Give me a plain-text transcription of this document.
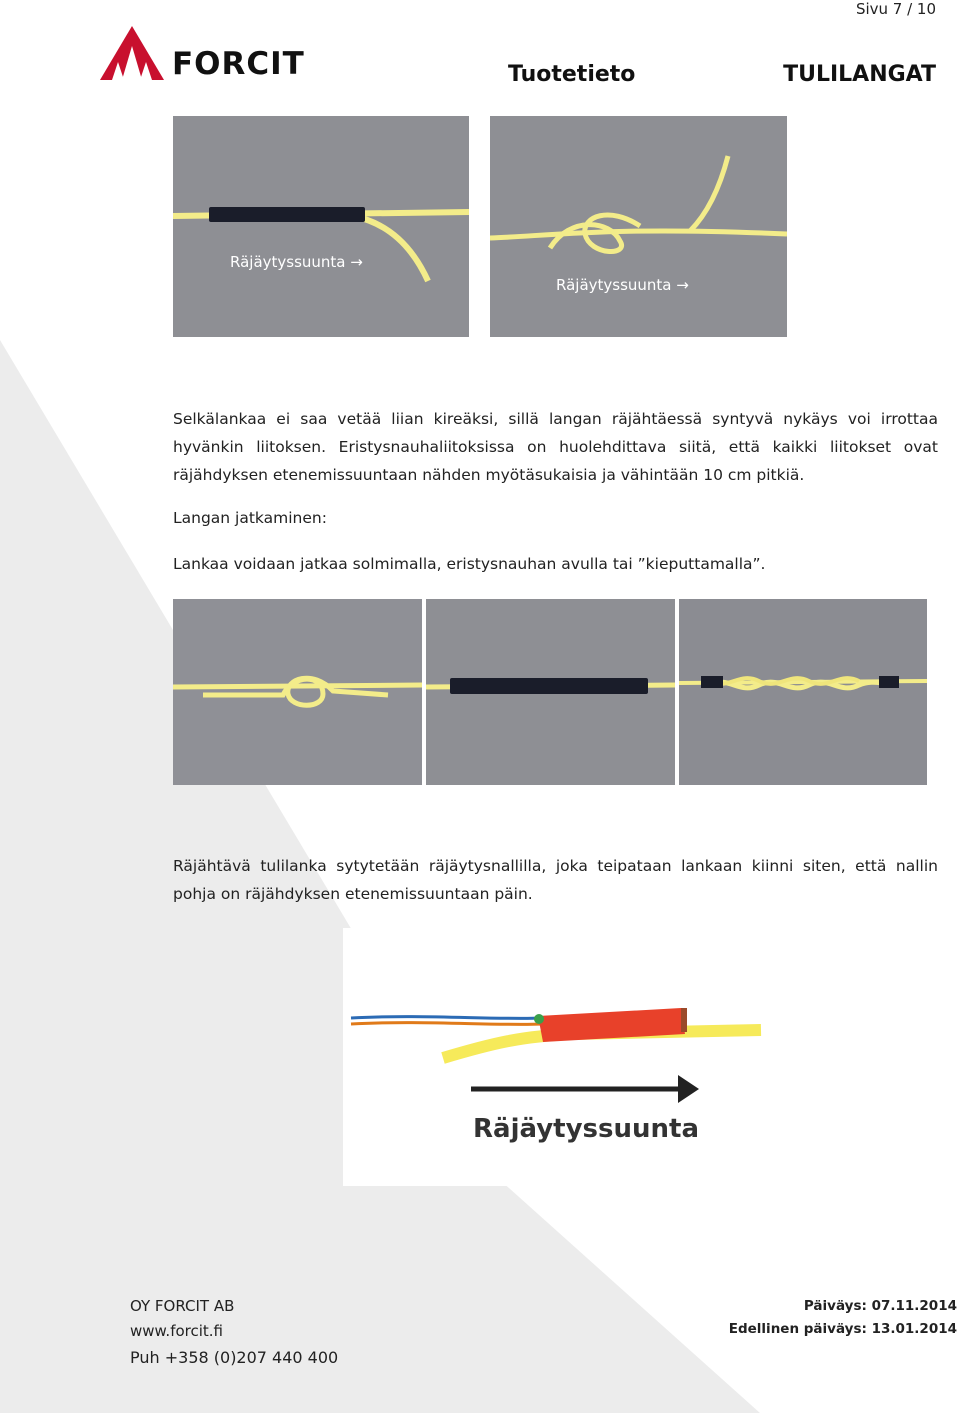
Sivu 7 / 10
FORCIT	Tuotetieto	TULILANGAT
Räjäytyssuunta →
Räjäytyssuunta →
Selkälankaa ei saa vetää liian kireäksi, sillä langan räjähtäessä syntyvä nykäys voi irrottaa hyvänkin liitoksen. Eristysnauhaliitoksissa on huolehdittava siitä, että kaikki liitokset ovat räjähdyksen etenemissuuntaan nähden myötäsukaisia ja vähintään 10 cm pitkiä.
Langan jatkaminen:
Lankaa voidaan jatkaa solmimalla, eristysnauhan avulla tai ”kieputtamalla”.
Räjähtävä tulilanka sytytetään räjäytysnallilla, joka teipataan lankaan kiinni siten, että nallin pohja on räjähdyksen etenemissuuntaan päin.
Räjäytyssuunta
OY FORCIT AB
www.forcit.fi
Puh +358 (0)207 440 400
Päiväys: 07.11.2014
Edellinen päiväys: 13.01.2014
